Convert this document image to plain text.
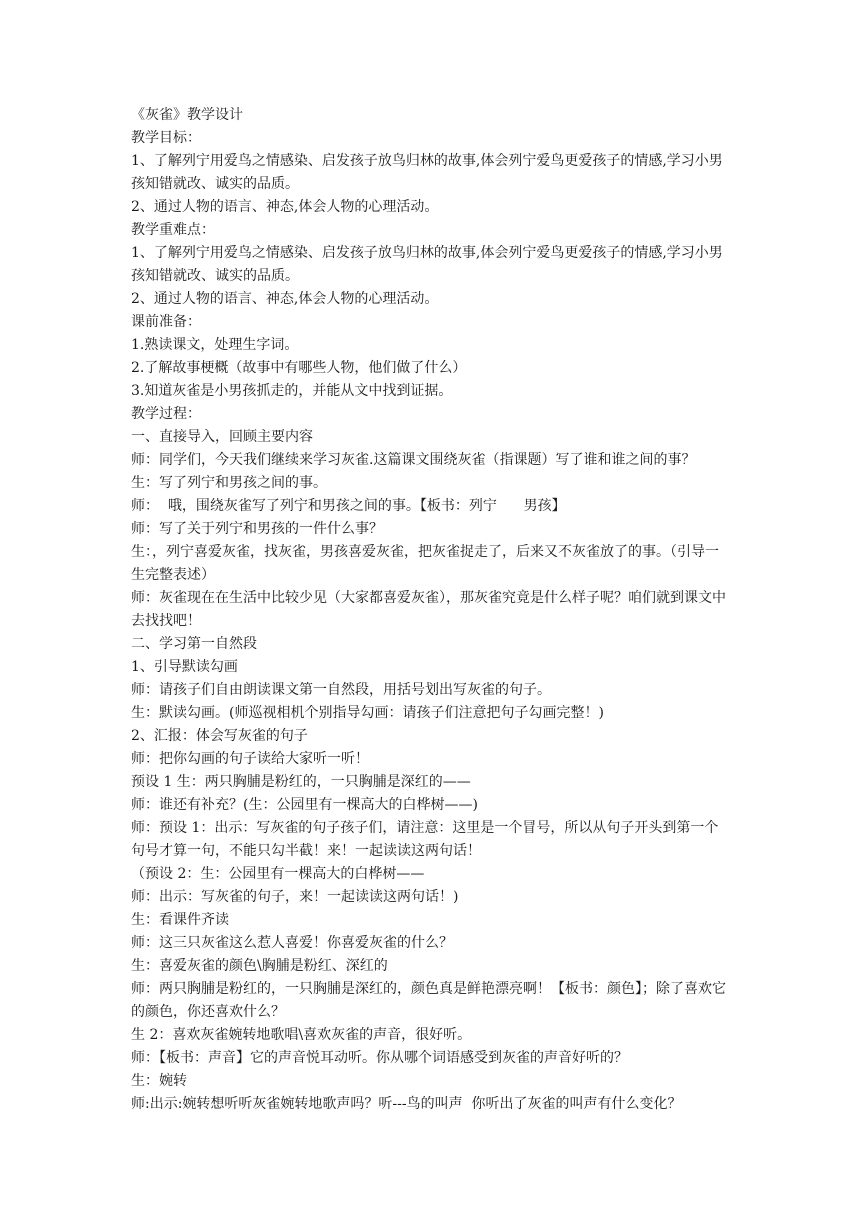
《灰雀》教学设计

教学目标：

1、了解列宁用爱鸟之情感染、启发孩子放鸟归林的故事,体会列宁爱鸟更爱孩子的情感,学习小男孩知错就改、诚实的品质。

2、通过人物的语言、神态,体会人物的心理活动。

教学重难点：

1、了解列宁用爱鸟之情感染、启发孩子放鸟归林的故事,体会列宁爱鸟更爱孩子的情感,学习小男孩知错就改、诚实的品质。

2、通过人物的语言、神态,体会人物的心理活动。

课前准备：

1.熟读课文，处理生字词。

2.了解故事梗概（故事中有哪些人物，他们做了什么）

3.知道灰雀是小男孩抓走的，并能从文中找到证据。

教学过程：

一、直接导入，回顾主要内容

师：同学们，今天我们继续来学习灰雀.这篇课文围绕灰雀（指课题）写了谁和谁之间的事？

生：写了列宁和男孩之间的事。

师：  哦，围绕灰雀写了列宁和男孩之间的事。【板书：列宁      男孩】

师：写了关于列宁和男孩的一件什么事？

生：，列宁喜爱灰雀，找灰雀，男孩喜爱灰雀，把灰雀捉走了，后来又不灰雀放了的事。（引导一生完整表述）

师：灰雀现在在生活中比较少见（大家都喜爱灰雀），那灰雀究竟是什么样子呢？咱们就到课文中去找找吧！

二、学习第一自然段

1、引导默读勾画

师：请孩子们自由朗读课文第一自然段，用括号划出写灰雀的句子。

生：默读勾画。(师巡视相机个别指导勾画：请孩子们注意把句子勾画完整！)

2、汇报：体会写灰雀的句子

师：把你勾画的句子读给大家听一听！

预设 1 生：两只胸脯是粉红的，一只胸脯是深红的——

师：谁还有补充？(生：公园里有一棵高大的白桦树——)

师：预设 1：出示：写灰雀的句子孩子们，请注意：这里是一个冒号，所以从句子开头到第一个句号才算一句，不能只勾半截！来！一起读读这两句话！

（预设 2：生：公园里有一棵高大的白桦树——

师：出示：写灰雀的句子，来！一起读读这两句话！)

生：看课件齐读

师：这三只灰雀这么惹人喜爱！你喜爱灰雀的什么？

生：喜爱灰雀的颜色\胸脯是粉红、深红的

师：两只胸脯是粉红的，一只胸脯是深红的，颜色真是鲜艳漂亮啊！【板书：颜色】；除了喜欢它的颜色，你还喜欢什么？

生 2：喜欢灰雀婉转地歌唱\喜欢灰雀的声音，很好听。

师：【板书：声音】它的声音悦耳动听。你从哪个词语感受到灰雀的声音好听的？

生：婉转

师:出示:婉转想听听灰雀婉转地歌声吗？听---鸟的叫声  你听出了灰雀的叫声有什么变化？
